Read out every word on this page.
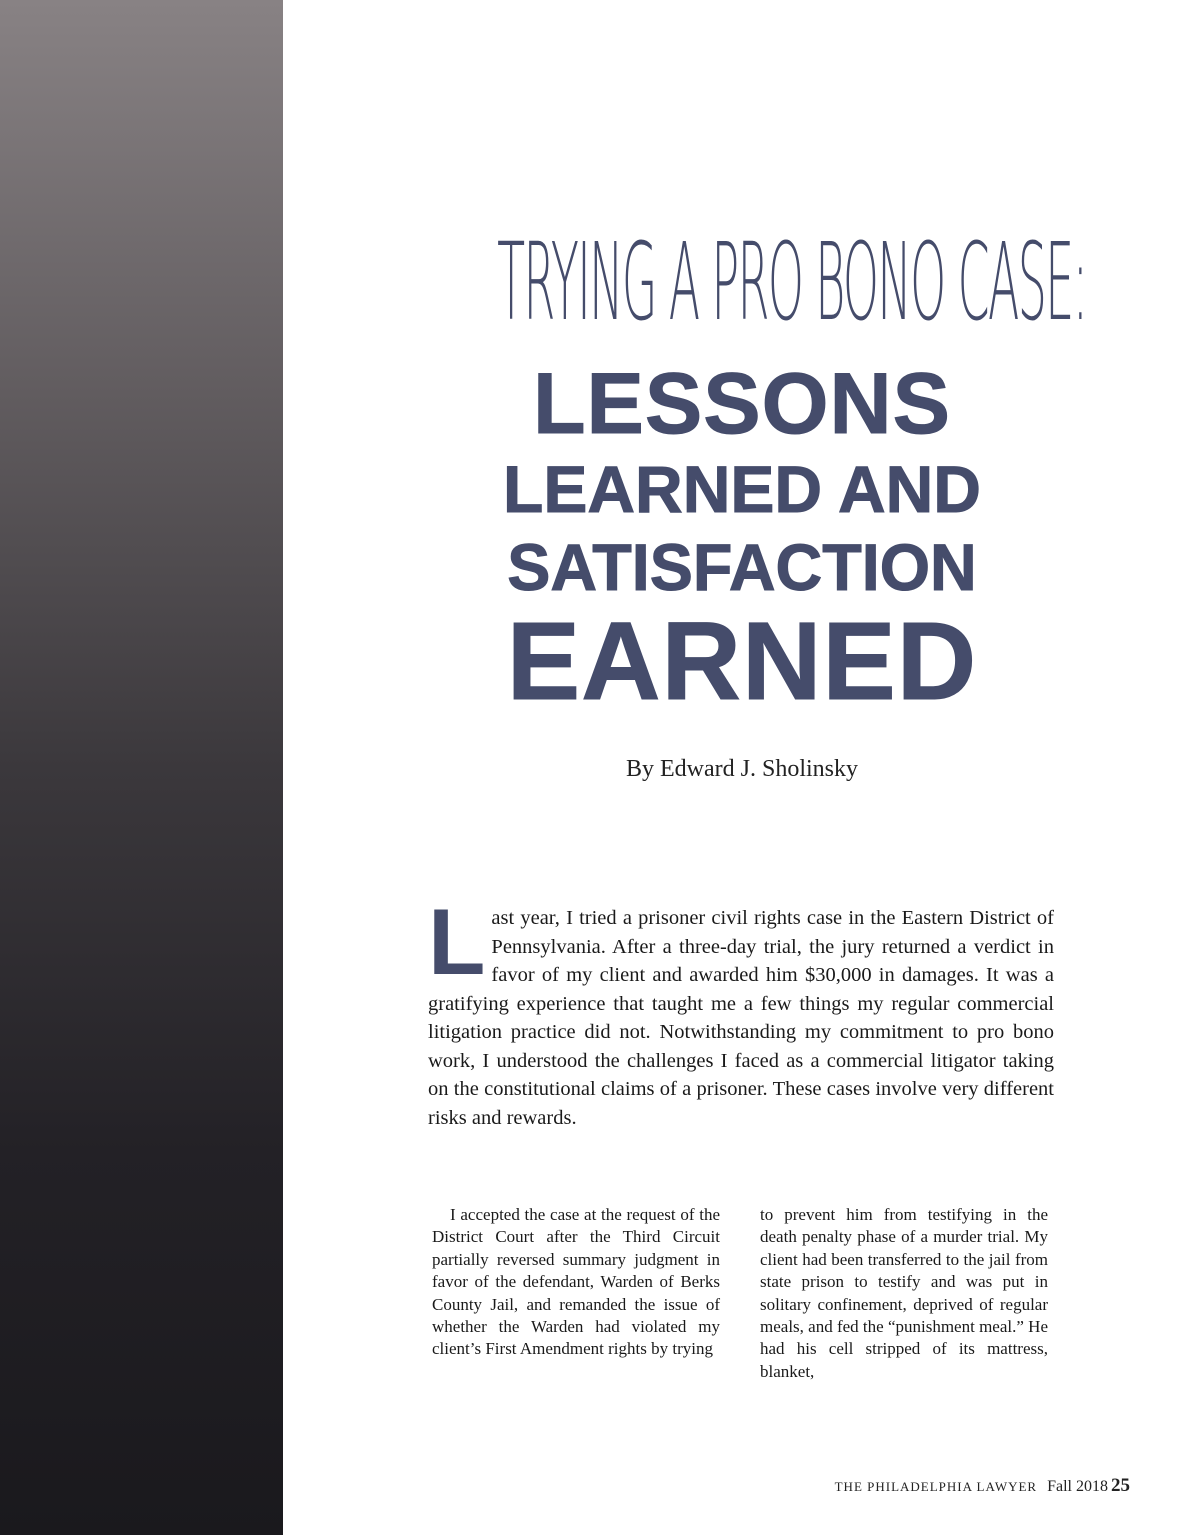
TRYING A PRO BONO CASE:
LESSONS
LEARNED AND
SATISFACTION
EARNED
By Edward J. Sholinsky
Last year, I tried a prisoner civil rights case in the Eastern District of Pennsylvania. After a three-day trial, the jury returned a verdict in favor of my client and awarded him $30,000 in damages. It was a gratifying experience that taught me a few things my regular commercial litigation practice did not. Notwithstanding my commitment to pro bono work, I understood the challenges I faced as a commercial litigator taking on the constitutional claims of a prisoner. These cases involve very different risks and rewards.

I accepted the case at the request of the District Court after the Third Circuit partially reversed summary judgment in favor of the defendant, Warden of Berks County Jail, and remanded the issue of whether the Warden had violated my client’s First Amendment rights by trying

to prevent him from testifying in the death penalty phase of a murder trial. My client had been transferred to the jail from state prison to testify and was put in solitary confinement, deprived of regular meals, and fed the “punishment meal.” He had his cell stripped of its mattress, blanket,

THE PHILADELPHIA LAWYER Fall 2018 25
